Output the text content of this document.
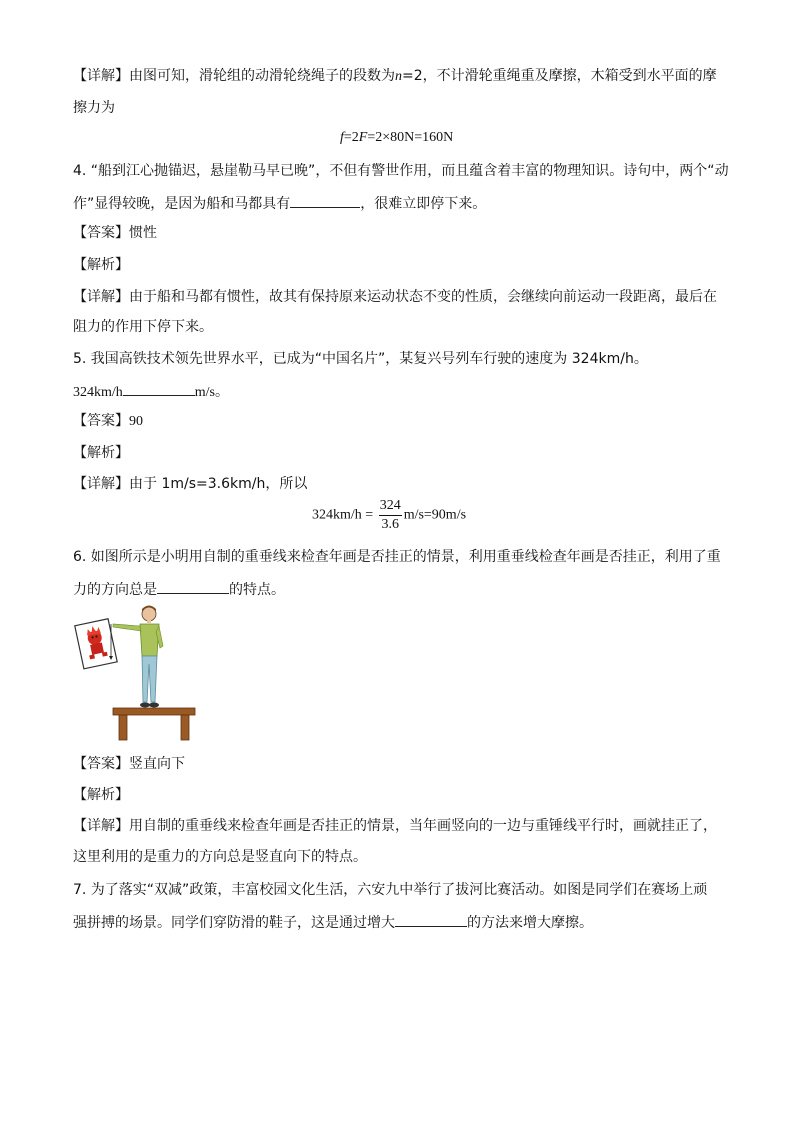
【详解】由图可知，滑轮组的动滑轮绕绳子的段数为n=2，不计滑轮重绳重及摩擦，木箱受到水平面的摩
擦力为
f=2F=2×80N=160N
4. “船到江心抛锚迟，悬崖勒马早已晚”，不但有警世作用，而且蕴含着丰富的物理知识。诗句中，两个“动
作”显得较晚，是因为船和马都具有	，很难立即停下来。
【答案】惯性
【解析】
【详解】由于船和马都有惯性，故其有保持原来运动状态不变的性质，会继续向前运动一段距离，最后在
阻力的作用下停下来。
5. 我国高铁技术领先世界水平，已成为“中国名片”，某复兴号列车行驶的速度为 324km/h。
324km/h	m/s。
【答案】90
【解析】
【详解】由于 1m/s=3.6km/h，所以
$324km/h = \frac{324}{3.6} m/s=90m/s$
6. 如图所示是小明用自制的重垂线来检查年画是否挂正的情景，利用重垂线检查年画是否挂正，利用了重
力的方向总是	的特点。
【答案】竖直向下
【解析】
【详解】用自制的重垂线来检查年画是否挂正的情景，当年画竖向的一边与重锤线平行时，画就挂正了，
这里利用的是重力的方向总是竖直向下的特点。
7. 为了落实“双减”政策，丰富校园文化生活，六安九中举行了拔河比赛活动。如图是同学们在赛场上顽
强拼搏的场景。同学们穿防滑的鞋子，这是通过增大	的方法来增大摩擦。
